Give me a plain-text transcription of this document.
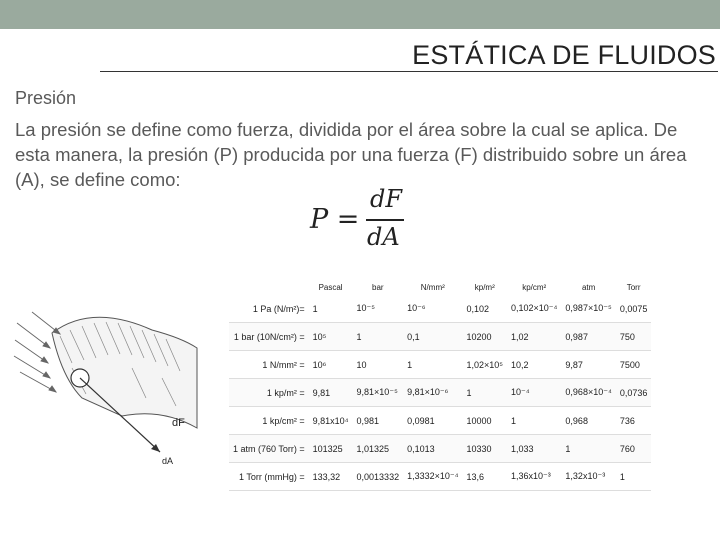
ESTÁTICA DE FLUIDOS
Presión
La presión se define como fuerza, dividida por el área sobre la cual se aplica. De esta manera, la presión (P) producida por una fuerza (F) distribuido sobre un área (A), se define como:
P =
dF
dA
dF
dA
	Pascal	bar	N/mm²	kp/m²	kp/cm²	atm	Torr
1 Pa (N/m²)=	1	10⁻⁵	10⁻⁶	0,102	0,102×10⁻⁴	0,987×10⁻⁵	0,0075
1 bar (10N/cm²) =	10⁵	1	0,1	10200	1,02	0,987	750
1 N/mm² =	10⁶	10	1	1,02×10⁵	10,2	9,87	7500
1 kp/m² =	9,81	9,81×10⁻⁵	9,81×10⁻⁶	1	10⁻⁴	0,968×10⁻⁴	0,0736
1 kp/cm² =	9,81x10⁴	0,981	0,0981	10000	1	0,968	736
1 atm (760 Torr) =	101325	1,01325	0,1013	10330	1,033	1	760
1 Torr (mmHg) =	133,32	0,0013332	1,3332×10⁻⁴	13,6	1,36x10⁻³	1,32x10⁻³	1
